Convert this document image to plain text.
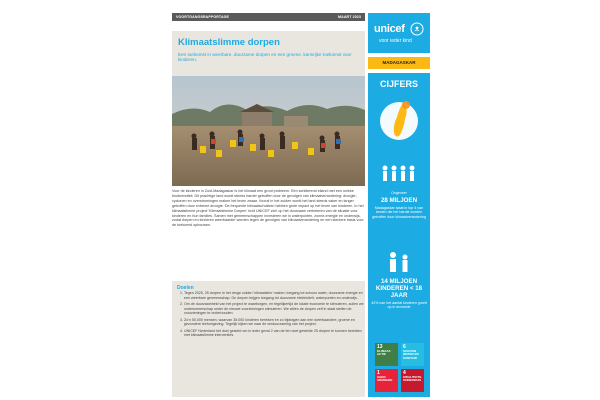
VOORTGANGSRAPPORTAGE	MAART 2023
Klimaatslimme dorpen

Een toekomst in weerbare, duurzame dorpen en een groene, kansrijke toekomst voor kinderen.

Voor de kinderen in Zuid-Madagaskar is het klimaat een groot probleem. Een schitterend eiland met een unieke biodiversiteit. Dit prachtige land wordt steeds harder getroffen door de gevolgen van klimaatverandering: droogte, cyclonen en overstromingen maken het leven zwaar. Vooral in het zuiden wordt het land steeds vaker en langer getroffen door extreme droogte. De frequente klimaatschokken hebben grote impact op het leven van kinderen. In het klimaatslimme project 'Klimaatslimme Dorpen' richt UNICEF zich op het duurzaam verbeteren van de situatie voor kinderen en hun families. Samen met gemeenschappen investeren we in waterpunten, zonne-energie en onderwijs, zodat dorpen en kinderen weerbaarder worden tegen de gevolgen van klimaatverandering en een sterkere basis voor de toekomst opbouwen.
Doelen
1. Tegen 2025, 25 dorpen in het droge zuiden 'klimaatslim' maken: toegang tot schoon water, duurzame energie en een weerbare gemeenschap. De dorpen krijgen toegang tot duurzame elektriciteit, waterpunten en onderwijs.
2. Om de duurzaamheid van het project te waarborgen, en tegelijkertijd de lokale economie te stimuleren, zullen we ondernemerschap onder de nieuwe voorzieningen stimuleren. We willen de dorpen zelf in staat stellen de voorzieningen te onderhouden.
3. Zo'n 50.000 mensen, waarvan 35.000 kinderen bereiken en zo bijdragen aan een weerbaardere, groene en gezondere leefomgeving. Tegelijk kijken we naar de verduurzaming van het project.
4. UNICEF Nederland het doel gesteld om in ieder geval 2 van de ten doel gestelde 25 dorpen te kunnen bereiken met klimaatslimme interventies.
unicef
voor ieder kind
MADAGASKAR
CIJFERS
Ongeveer
28 MILJOEN
Madagaskar staat in top 4 van landen die het hardst worden getroffen door klimaatverandering
14 MILJOEN KINDEREN < 18 JAAR
42% van het aantal kinderen groeit op in armoede
13
KLIMAAT-ACTIE
6
SCHOON WATER EN SANITAIR
1
GEEN ARMOEDE
4
KWALITEITS-ONDERWIJS
